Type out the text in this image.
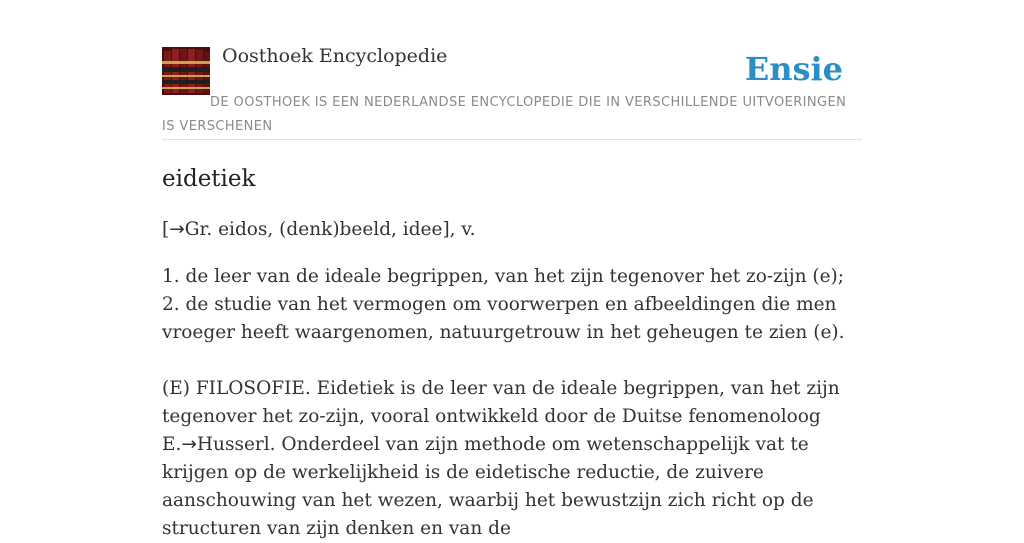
Oosthoek Encyclopedie	Ensie
DE OOSTHOEK IS EEN NEDERLANDSE ENCYCLOPEDIE DIE IN VERSCHILLENDE UITVOERINGEN IS VERSCHENEN
eidetiek

[→Gr. eidos, (denk)beeld, idee], v.

1. de leer van de ideale begrippen, van het zijn tegenover het zo-zijn (e);
2. de studie van het vermogen om voorwerpen en afbeeldingen die men vroeger heeft waargenomen, natuurgetrouw in het geheugen te zien (e).

(E) FILOSOFIE. Eidetiek is de leer van de ideale begrippen, van het zijn tegenover het zo-zijn, vooral ontwikkeld door de Duitse fenomenoloog E.→Husserl. Onderdeel van zijn methode om wetenschappelijk vat te krijgen op de werkelijkheid is de eidetische reductie, de zuivere aanschouwing van het wezen, waarbij het bewustzijn zich richt op de structuren van zijn denken en van de
